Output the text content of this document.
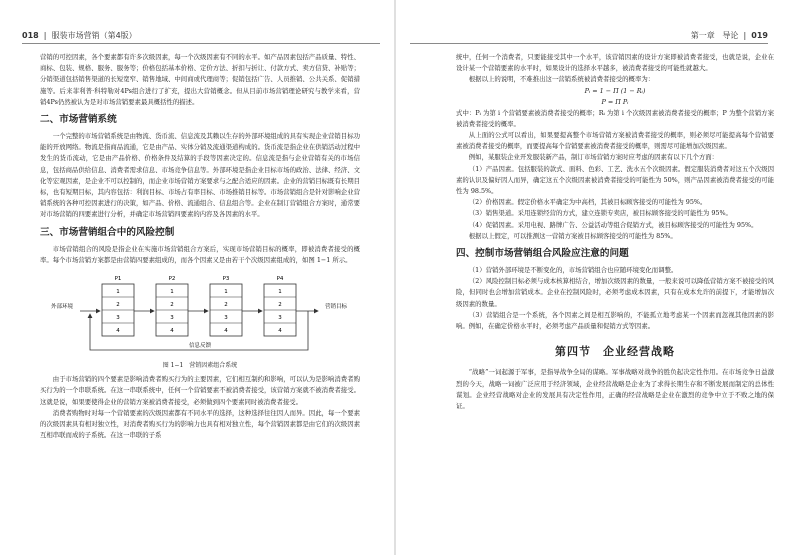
018  |  服装市场营销（第4版）

营销的可控因素，各个要素都有许多次级因素，每一个次级因素有不同的水平。如产品因素包括产品质量、特性、商标、包装、规格、服务、服务等；价格包括基本价格、定价方法、折扣与折让、付款方式、卖方信贷、补贴等；分销渠道包括销售渠道的长短宽窄、销售地域、中间商或代理商等；促销包括广告、人员推销、公共关系、促销措施等。后来菲利普·科特勒对4Ps组合进行了扩充，提出大营销概念。但从目前市场营销理论研究与教学来看，营销4Ps仍然被认为是对市场营销要素最具概括性的描述。

二、市场营销系统

一个完整的市场营销系统是由物流、货币流、信息流及其赖以生存的外部环境组成的具有实现企业营销目标功能的开放网络。物流是指商品流通，它是由产品、实体分销及流通渠道构成的。货币流是指企业在供销活动过程中发生的货币流动，它是由产品价格、价格条件及结算的手段等因素决定的。信息流是指与企业营销有关的市场信息，包括商品供给信息、消费者需求信息、市场竞争信息等。外部环境是指企业目标市场的政治、法律、经济、文化等宏观因素，是企业不可以控制的，而企业市场营销方案要求与之配合适应的因素。企业的营销目标既有长期目标，也有短期目标，其内容包括：利润目标、市场占有率目标、市场推销目标等。市场营销组合是针对影响企业营销系统的各种可控因素进行的决策，如产品、价格、流通组合、信息组合等。企业在制订营销组合方案时，通常要对市场营销的四要素进行分析，并确定市场营销四要素的内容及各因素的水平。

三、市场营销组合中的风险控制

市场营销组合的风险是指企业在实施市场营销组合方案后，实现市场营销目标的概率，即被消费者接受的概率。每个市场营销方案都是由营销四要素组成的，而各个因素又是由若干个次级因素组成的，如图 1−1 所示。

外部环境
P1
1
2
3
4
P2
1
2
3
4
P3
1
2
3
4
P4
1
2
3
4
营销目标
信息反馈

图 1−1　营销因素组合系统

由于市场营销的四个要素是影响消费者购买行为的主要因素，它们相互制约和影响，可以认为是影响消费者购买行为的一个串联系统。在这一串联系统中，任何一个营销要素不被消费者接受，该营销方案就不被消费者接受。这就是说，如果要使得企业的营销方案被消费者接受，必须做到四个要素同时被消费者接受。

消费者购物时对每一个营销要素的次级因素都有不同水平的选择，这种选择往往因人而异。因此，每一个要素的次级因素具有相对独立性，对消费者购买行为的影响力也具有相对独立性，每个营销因素都是由它们的次级因素互相串联而成的子系统。在这一串联的子系

第一章 导论  |  019

统中，任何一个消费者，只要能接受其中一个水平，该营销因素的设计方案即被消费者接受，也就是说，企业在设计某一个营销要素的水平时，如果设计的选择水平越多，被消费者接受的可能性就越大。

根据以上的说明，不难推出这一营销系统被消费者接受的概率为：

Pᵢ = 1 − Π (1 − Rᵢ)

P = Π Pᵢ

式中：Pᵢ 为第 i 个营销要素被消费者接受的概率；Rᵢ 为第 i 个次级因素被消费者接受的概率；P 为整个营销方案被消费者接受的概率。

从上面的公式可以看出，如果要提高整个市场营销方案被消费者接受的概率，则必须尽可能提高每个营销要素被消费者接受的概率，而要提高每个营销要素被消费者接受的概率，则需尽可能增加次级因素。

例如，某服装企业开发服装新产品，制订市场营销方案时应考虑的因素有以下几个方面：

（1）产品因素。包括服装的款式、面料、色彩、工艺、洗水五个次级因素。假定服装消费者对这五个次级因素的认识及偏好因人而异，确定这五个次级因素被消费者接受的可能性为 50%，则产品因素被消费者接受的可能性为 98.5%。

（2）价格因素。假定价格水平确定为中高档，其被目标顾客接受的可能性为 95%。

（3）销售渠道。采用连锁经营的方式，建立连锁专卖店，被目标顾客接受的可能性为 95%。

（4）促销因素。采用电视、路牌广告、公益活动等组合促销方式，被目标顾客接受的可能性为 95%。

根据以上假定，可以推测这一营销方案被目标顾客接受的可能性为 85%。

四、控制市场营销组合风险应注意的问题

（1）营销外部环境是不断变化的，市场营销组合也应随环境变化而调整。

（2）风险控制目标必须与成本核算相结合，增加次级因素的数量，一般来说可以降低营销方案不被接受的风险，但同时也会增加营销成本。企业在控制风险时，必须考虑成本因素，只有在成本允许的前提下，才能增加次级因素的数量。

（3）营销组合是一个系统，各个因素之间是相互影响的，不能孤立地考虑某一个因素而忽视其他因素的影响。例如，在确定价格水平时，必须考虑产品质量和促销方式等因素。

第四节　企业经营战略

“战略”一词起源于军事，是指导战争全局的谋略。军事战略对战争的胜负起决定性作用。在市场竞争日益激烈的今天，战略一词被广泛应用于经济领域，企业经营战略是企业为了求得长期生存和不断发展而制定的总体性谋划。企业经营战略对企业的发展具有决定性作用，正确的经营战略是企业在激烈的竞争中立于不败之地的保证。
